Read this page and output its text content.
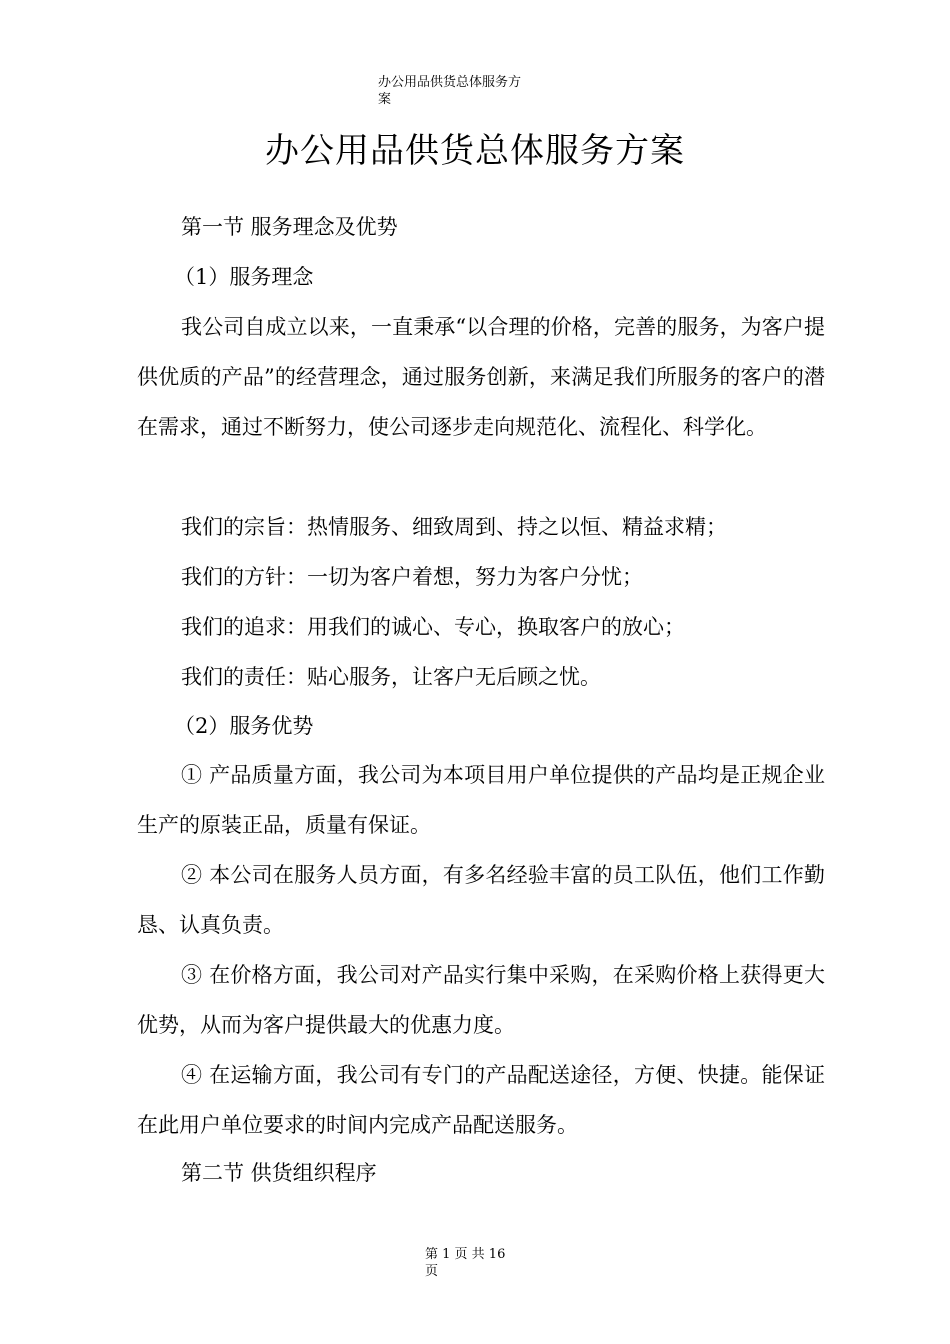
办公用品供货总体服务方
案
办公用品供货总体服务方案
第一节 服务理念及优势
（1）服务理念
我公司自成立以来，一直秉承“以合理的价格，完善的服务，为客户提供优质的产品”的经营理念，通过服务创新，来满足我们所服务的客户的潜在需求，通过不断努力，使公司逐步走向规范化、流程化、科学化。
我们的宗旨：热情服务、细致周到、持之以恒、精益求精；
我们的方针：一切为客户着想，努力为客户分忧；
我们的追求：用我们的诚心、专心，换取客户的放心；
我们的责任：贴心服务，让客户无后顾之忧。
（2）服务优势
① 产品质量方面，我公司为本项目用户单位提供的产品均是正规企业生产的原装正品，质量有保证。
② 本公司在服务人员方面，有多名经验丰富的员工队伍，他们工作勤恳、认真负责。
③ 在价格方面，我公司对产品实行集中采购，在采购价格上获得更大优势，从而为客户提供最大的优惠力度。
④ 在运输方面，我公司有专门的产品配送途径，方便、快捷。能保证在此用户单位要求的时间内完成产品配送服务。
第二节 供货组织程序
第 1 页 共 16
页
